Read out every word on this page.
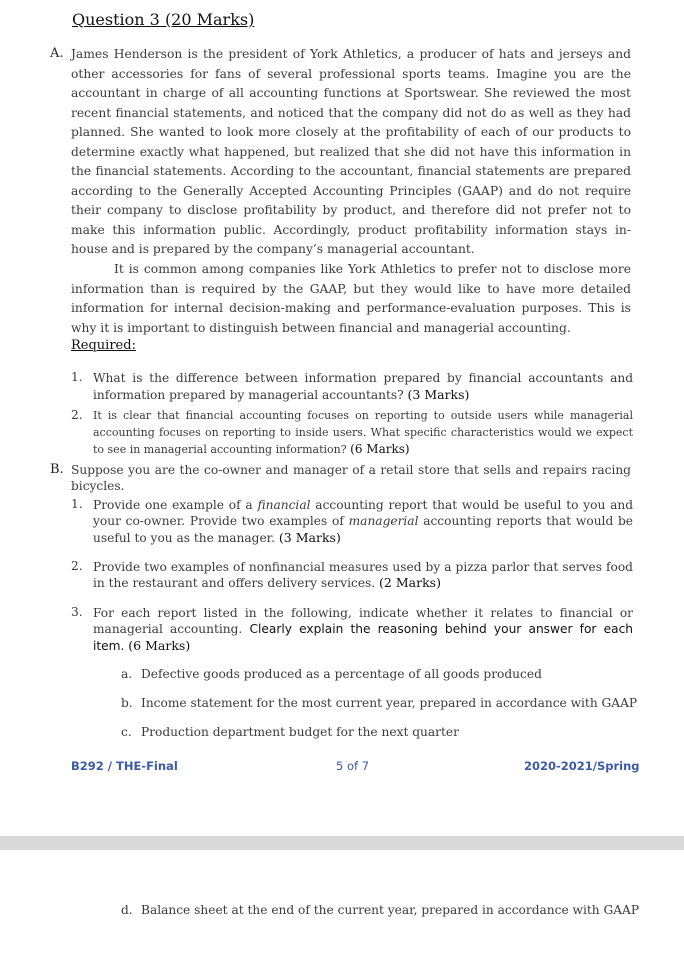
Question 3 (20 Marks)
A. James Henderson is the president of York Athletics, a producer of hats and jerseys and other accessories for fans of several professional sports teams. Imagine you are the accountant in charge of all accounting functions at Sportswear. She reviewed the most recent financial statements, and noticed that the company did not do as well as they had planned. She wanted to look more closely at the profitability of each of our products to determine exactly what happened, but realized that she did not have this information in the financial statements. According to the accountant, financial statements are prepared according to the Generally Accepted Accounting Principles (GAAP) and do not require their company to disclose profitability by product, and therefore did not prefer not to make this information public. Accordingly, product profitability information stays in-house and is prepared by the company’s managerial accountant.
It is common among companies like York Athletics to prefer not to disclose more information than is required by the GAAP, but they would like to have more detailed information for internal decision-making and performance-evaluation purposes. This is why it is important to distinguish between financial and managerial accounting.
Required:
1. What is the difference between information prepared by financial accountants and information prepared by managerial accountants? (3 Marks)
2. It is clear that financial accounting focuses on reporting to outside users while managerial accounting focuses on reporting to inside users. What specific characteristics would we expect to see in managerial accounting information? (6 Marks)
B. Suppose you are the co-owner and manager of a retail store that sells and repairs racing bicycles.
1. Provide one example of a financial accounting report that would be useful to you and your co-owner. Provide two examples of managerial accounting reports that would be useful to you as the manager. (3 Marks)
2. Provide two examples of nonfinancial measures used by a pizza parlor that serves food in the restaurant and offers delivery services. (2 Marks)
3. For each report listed in the following, indicate whether it relates to financial or managerial accounting. Clearly explain the reasoning behind your answer for each item. (6 Marks)
a. Defective goods produced as a percentage of all goods produced
b. Income statement for the most current year, prepared in accordance with GAAP
c. Production department budget for the next quarter
B292 / THE-Final	5 of 7	2020-2021/Spring
d. Balance sheet at the end of the current year, prepared in accordance with GAAP
